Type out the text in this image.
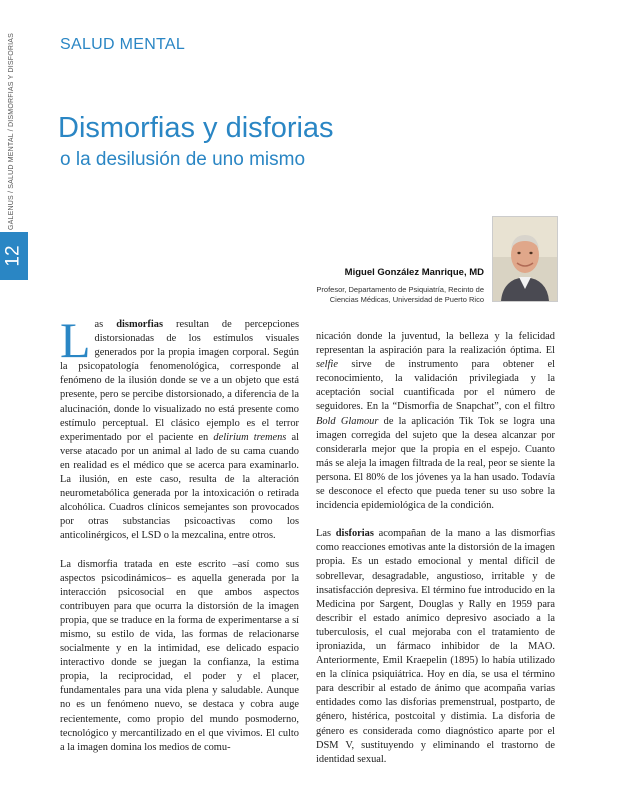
GALENUS / SALUD MENTAL / DISMORFIAS Y DISFORIAS
12
SALUD MENTAL
Dismorfias y disforias
o la desilusión de uno mismo
Miguel González Manrique, MD
Profesor, Departamento de Psiquiatría, Recinto de
Ciencias Médicas, Universidad de Puerto Rico

Las dismorfias resultan de percepciones distorsionadas de los estímulos visuales generados por la propia imagen corporal. Según la psicopatología fenomenológica, corresponde al fenómeno de la ilusión donde se ve a un objeto que está presente, pero se percibe distorsionado, a diferencia de la alucinación, donde lo visualizado no está presente como estímulo perceptual. El clásico ejemplo es el terror experimentado por el paciente en delirium tremens al verse atacado por un animal al lado de su cama cuando en realidad es el médico que se acerca para examinarlo. La ilusión, en este caso, resulta de la alteración neurometabólica generada por la intoxicación o retirada alcohólica. Cuadros clínicos semejantes son provocados por otras substancias psicoactivas como los anticolinérgicos, el LSD o la mezcalina, entre otros.

La dismorfia tratada en este escrito –así como sus aspectos psicodinámicos– es aquella generada por la interacción psicosocial en que ambos aspectos contribuyen para que ocurra la distorsión de la imagen propia, que se traduce en la forma de experimentarse a sí mismo, su estilo de vida, las formas de relacionarse socialmente y en la intimidad, ese delicado espacio interactivo donde se juegan la confianza, la estima propia, la reciprocidad, el poder y el placer, fundamentales para una vida plena y saludable. Aunque no es un fenómeno nuevo, se destaca y cobra auge recientemente, como propio del mundo posmoderno, tecnológico y mercantilizado en el que vivimos. El culto a la imagen domina los medios de comu-

nicación donde la juventud, la belleza y la felicidad representan la aspiración para la realización óptima. El selfie sirve de instrumento para obtener el reconocimiento, la validación privilegiada y la aceptación social cuantificada por el número de seguidores. En la “Dismorfia de Snapchat”, con el filtro Bold Glamour de la aplicación Tik Tok se logra una imagen corregida del sujeto que la desea alcanzar por considerarla mejor que la propia en el espejo. Cuanto más se aleja la imagen filtrada de la real, peor se siente la persona. El 80% de los jóvenes ya la han usado. Todavía se desconoce el efecto que pueda tener su uso sobre la incidencia epidemiológica de la condición.

Las disforias acompañan de la mano a las dismorfias como reacciones emotivas ante la distorsión de la imagen propia. Es un estado emocional y mental difícil de sobrellevar, desagradable, angustioso, irritable y de insatisfacción depresiva. El término fue introducido en la Medicina por Sargent, Douglas y Rally en 1959 para describir el estado anímico depresivo asociado a la tuberculosis, el cual mejoraba con el tratamiento de iproniazida, un fármaco inhibidor de la MAO. Anteriormente, Emil Kraepelin (1895) lo había utilizado en la clínica psiquiátrica. Hoy en día, se usa el término para describir al estado de ánimo que acompaña varias entidades como las disforias premenstrual, postparto, de género, histérica, postcoital y distimia. La disforia de género es considerada como diagnóstico aparte por el DSM V, sustituyendo y eliminando el trastorno de identidad sexual.
